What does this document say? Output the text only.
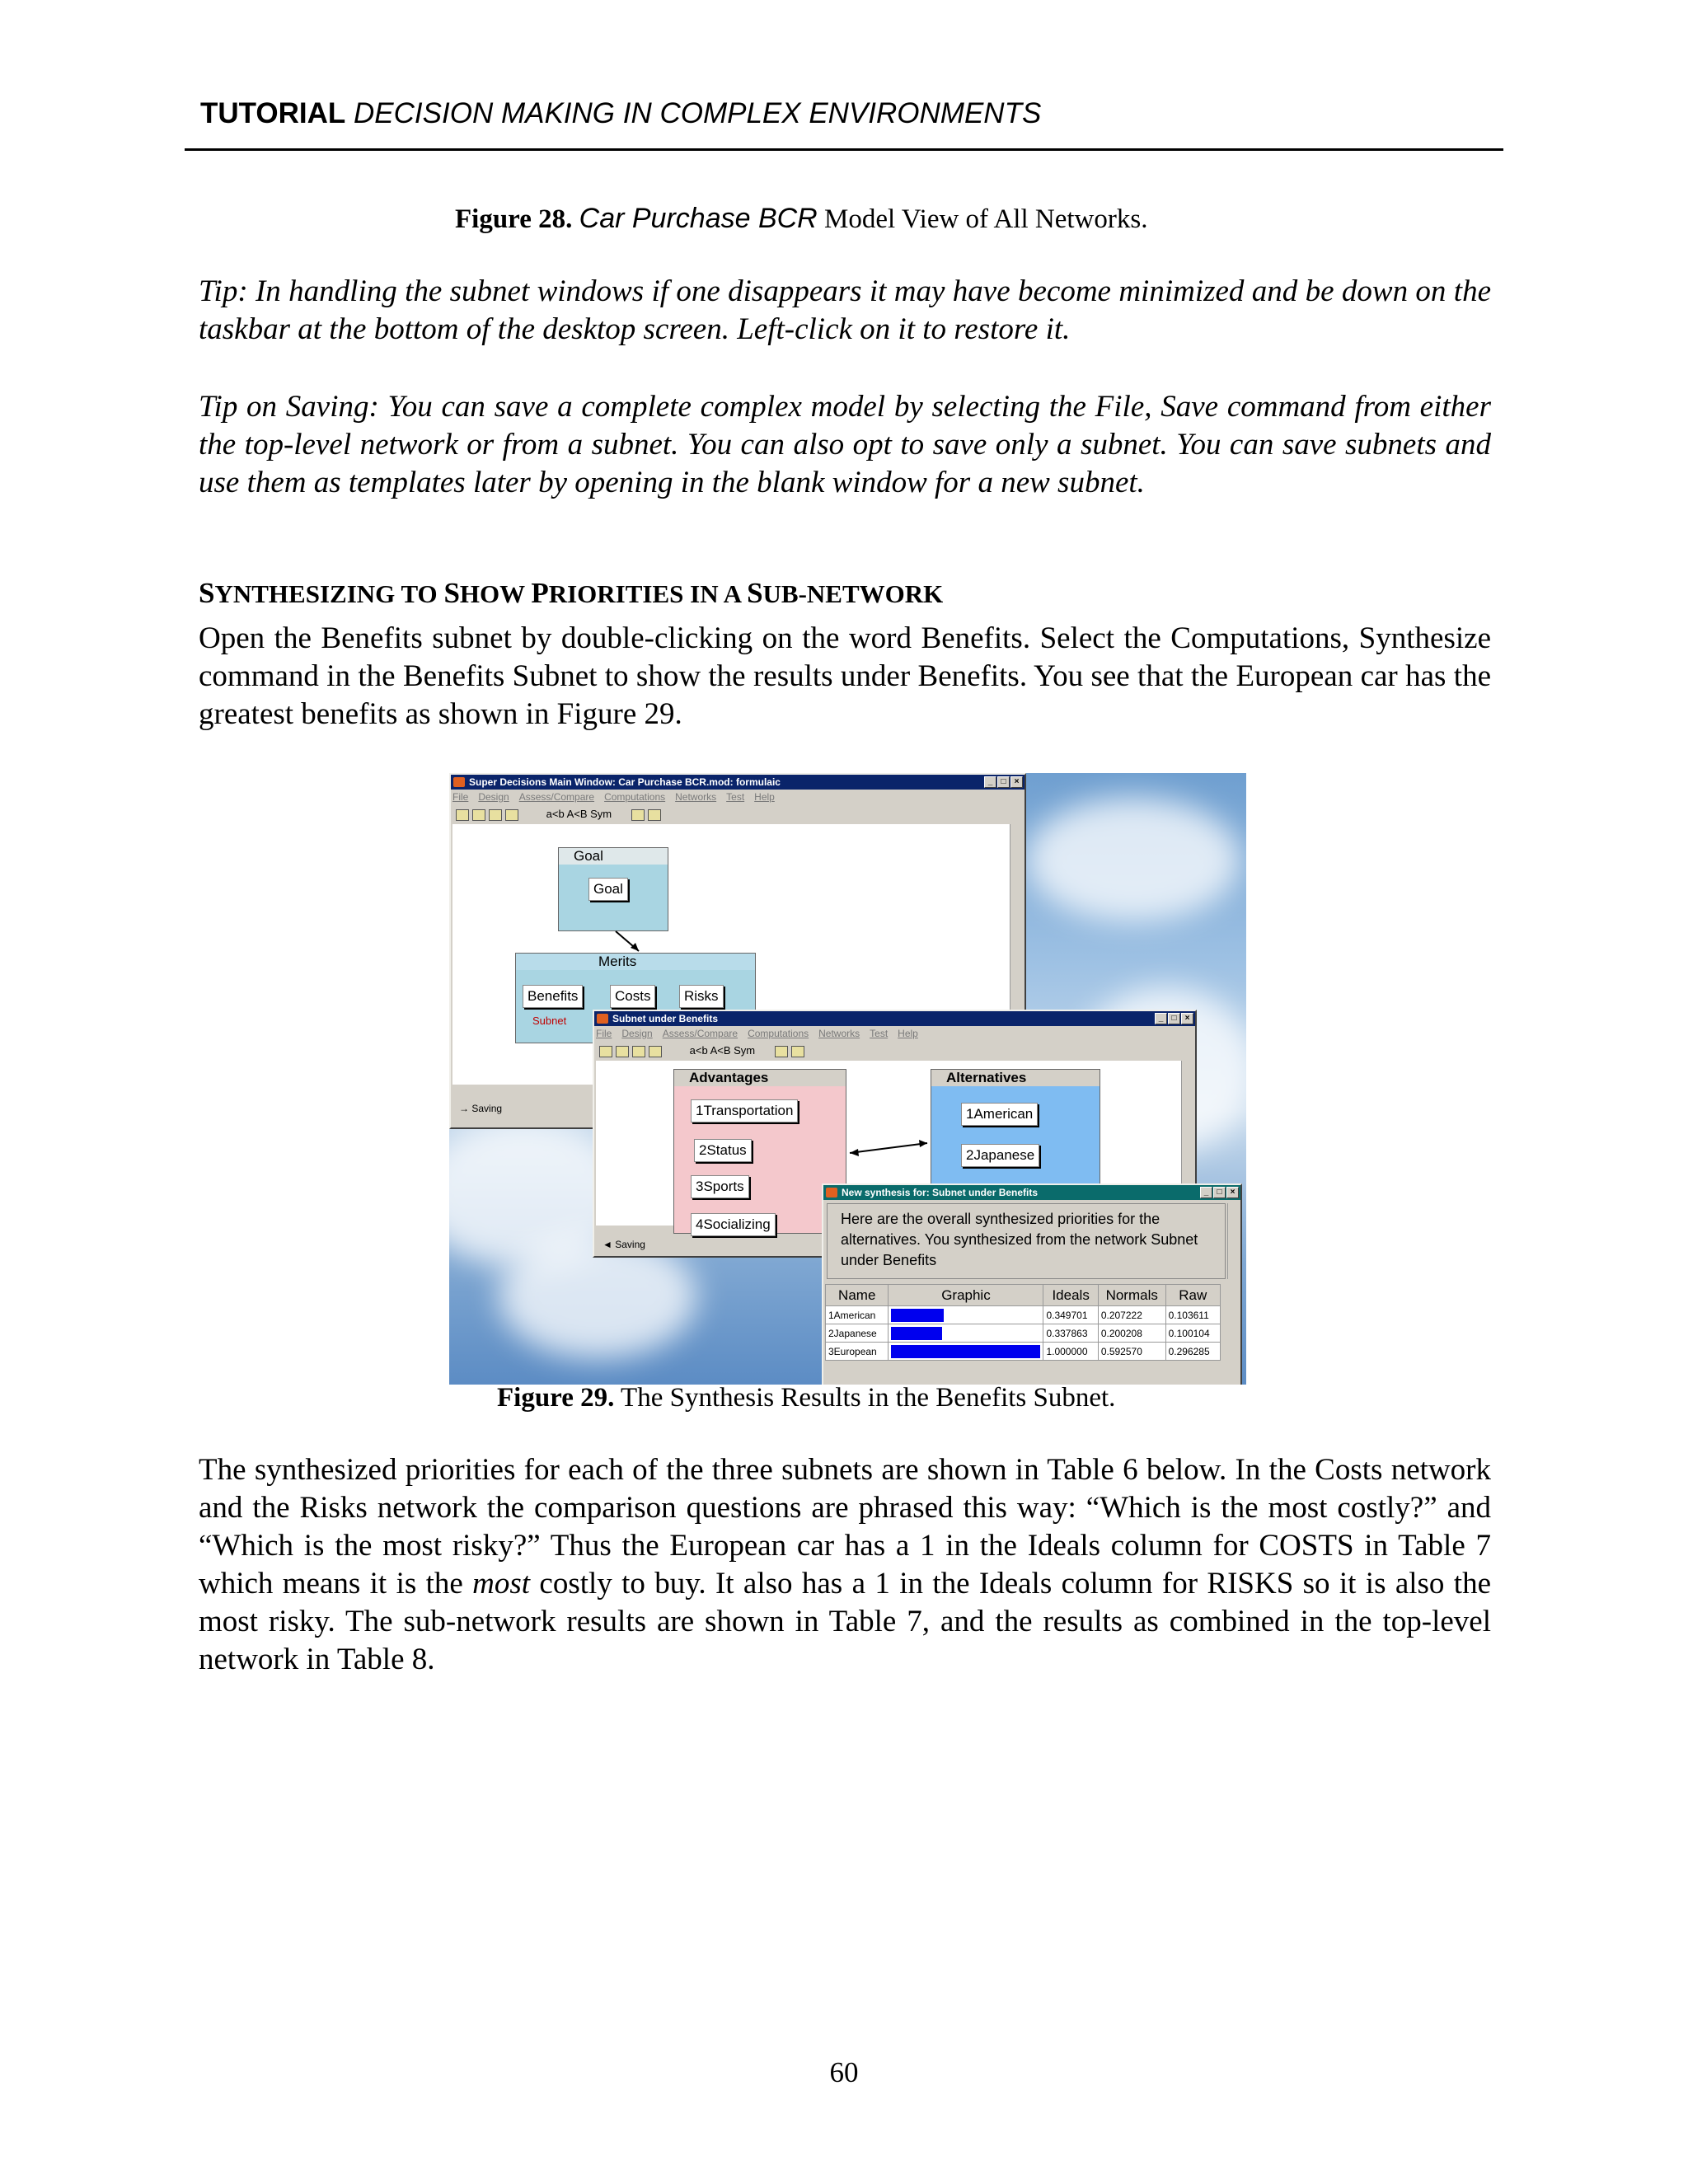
TUTORIAL DECISION MAKING IN COMPLEX ENVIRONMENTS
Figure 28. Car Purchase BCR Model View of All Networks.

Tip: In handling the subnet windows if one disappears it may have become minimized and be down on the taskbar at the bottom of the desktop screen. Left-click on it to restore it.

Tip on Saving: You can save a complete complex model by selecting the File, Save command from either the top-level network or from a subnet. You can also opt to save only a subnet. You can save subnets and use them as templates later by opening in the blank window for a new subnet.

SYNTHESIZING TO SHOW PRIORITIES IN A SUB-NETWORK

Open the Benefits subnet by double-clicking on the word Benefits. Select the Computations, Synthesize command in the Benefits Subnet to show the results under Benefits. You see that the European car has the greatest benefits as shown in Figure 29.

Super Decisions Main Window: Car Purchase BCR.mod: formulaic	_	□	×
File Design Assess/Compare Computations Networks Test Help
a<b A<B Sym
Goal
Goal
Merits
Benefits	Costs	Risks
Subnet
→ Saving
Subnet under Benefits	_	□	×
File Design Assess/Compare Computations Networks Test Help
a<b A<B Sym
Advantages
1Transportation
2Status
3Sports
4Socializing
Alternatives
1American
2Japanese
◄ Saving
New synthesis for: Subnet under Benefits	_	□	×
Here are the overall synthesized priorities for the alternatives. You synthesized from the network Subnet under Benefits
Name	Graphic	Ideals	Normals	Raw
1American		0.349701	0.207222	0.103611
2Japanese		0.337863	0.200208	0.100104
3European		1.000000	0.592570	0.296285
Figure 29. The Synthesis Results in the Benefits Subnet.

The synthesized priorities for each of the three subnets are shown in Table 6 below. In the Costs network and the Risks network the comparison questions are phrased this way: “Which is the most costly?” and “Which is the most risky?” Thus the European car has a 1 in the Ideals column for COSTS in Table 7 which means it is the most costly to buy. It also has a 1 in the Ideals column for RISKS so it is also the most risky. The sub-network results are shown in Table 7, and the results as combined in the top-level network in Table 8.

60
